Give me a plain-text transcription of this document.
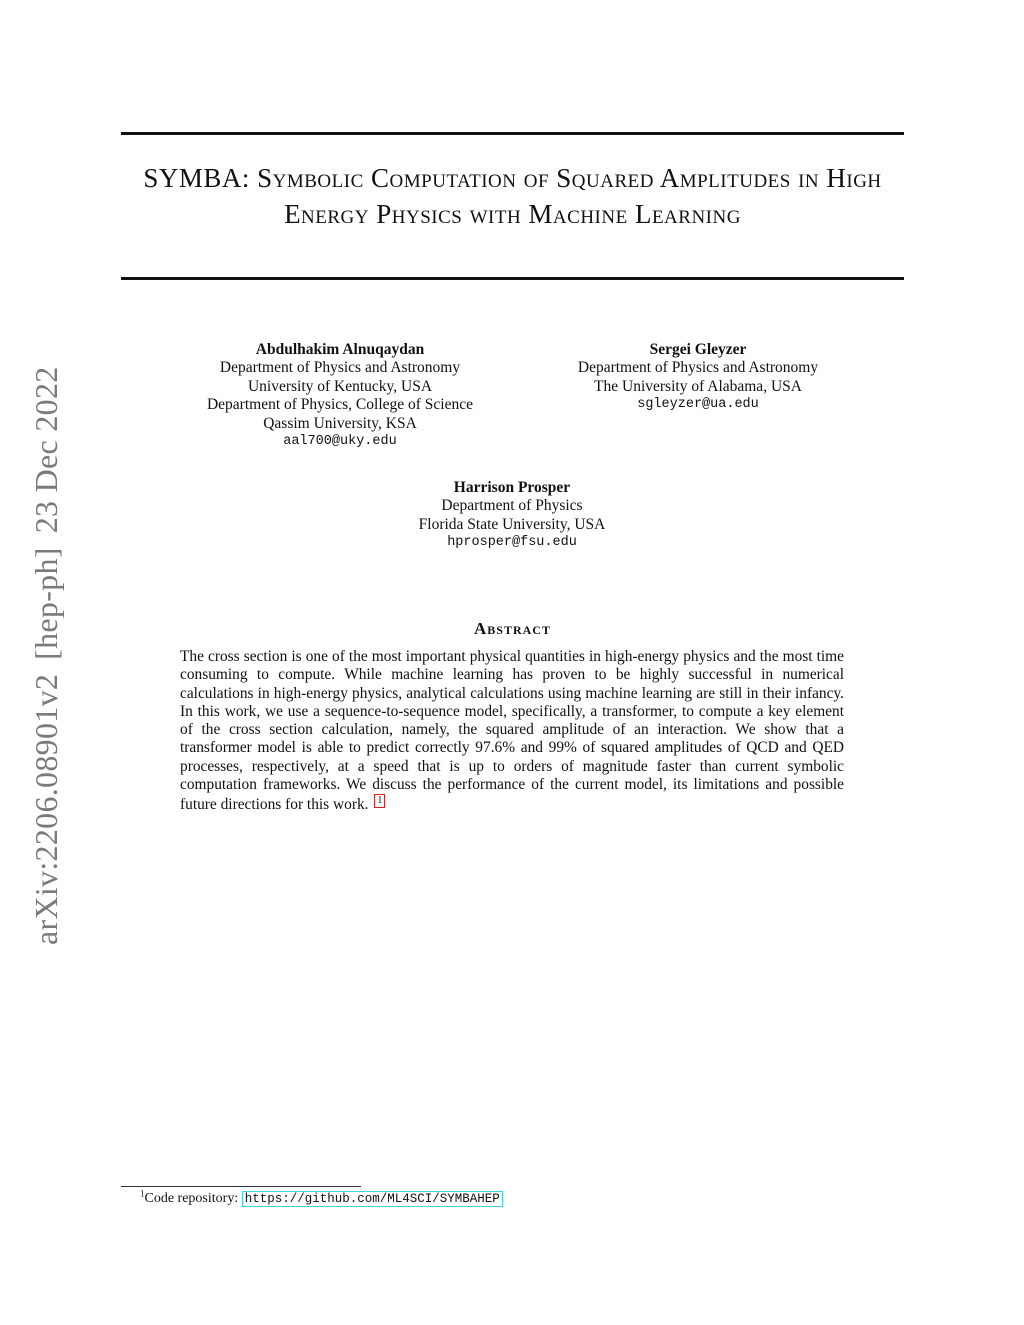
arXiv:2206.08901v2[hep-ph]23 Dec 2022
SYMBA: Symbolic Computation of Squared Amplitudes in High Energy Physics with Machine Learning
Abdulhakim Alnuqaydan
Department of Physics and Astronomy
University of Kentucky, USA
Department of Physics, College of Science
Qassim University, KSA
aal700@uky.edu
Sergei Gleyzer
Department of Physics and Astronomy
The University of Alabama, USA
sgleyzer@ua.edu
Harrison Prosper
Department of Physics
Florida State University, USA
hprosper@fsu.edu
Abstract
The cross section is one of the most important physical quantities in high-energy physics and the most time consuming to compute. While machine learning has proven to be highly successful in numerical calculations in high-energy physics, analytical calculations using machine learning are still in their infancy. In this work, we use a sequence-to-sequence model, specifically, a transformer, to compute a key element of the cross section calculation, namely, the squared amplitude of an interaction. We show that a transformer model is able to predict correctly 97.6% and 99% of squared amplitudes of QCD and QED processes, respectively, at a speed that is up to orders of magnitude faster than current symbolic computation frameworks. We discuss the performance of the current model, its limitations and possible future directions for this work. 1
$^1$Code repository: https://github.com/ML4SCI/SYMBAHEP
